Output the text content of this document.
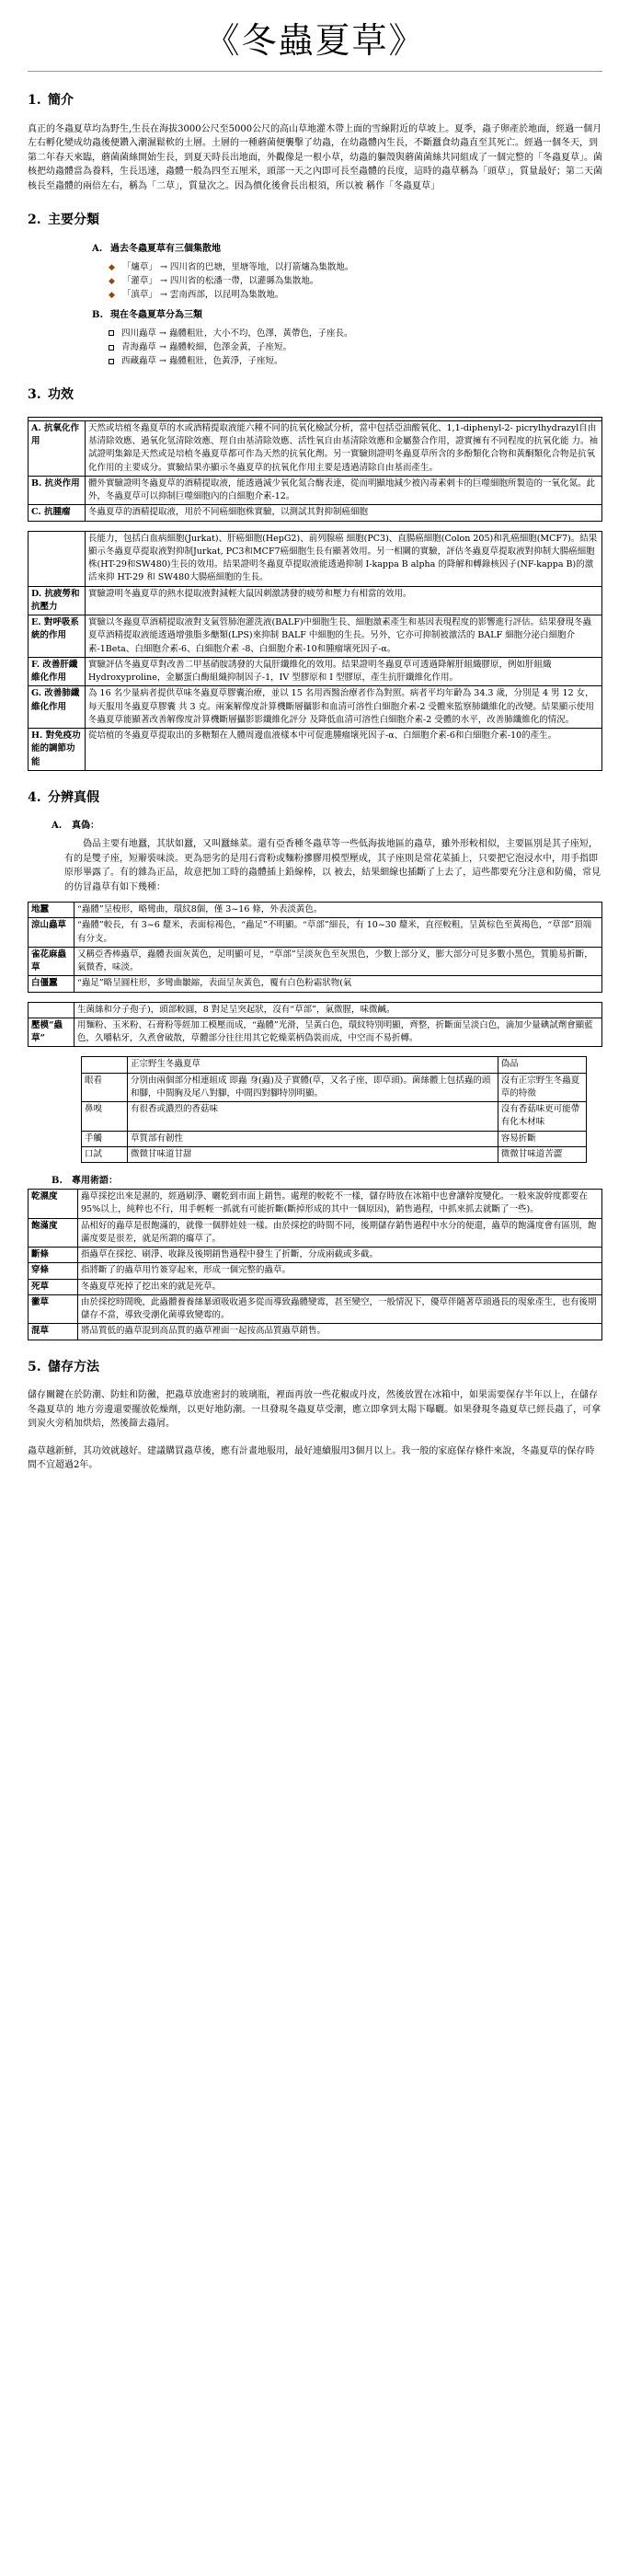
《冬蟲夏草》
1. 簡介

真正的冬蟲夏草均為野生,生長在海拔3000公尺至5000公尺的高山草地灌木帶上面的雪線附近的草坡上。夏季，蟲子卵產於地面，經過一個月左右孵化變成幼蟲後便鑽入潮濕鬆軟的土層。土層的一種蘑菌便襲擊了幼蟲，在幼蟲體內生長，不斷蠶食幼蟲直至其死亡。經過一個冬天，到第二年春天來臨，蘑菌菌絲開始生長，到夏天時長出地面，外觀像是一根小草，幼蟲的軀殼與蘑菌菌絲共同組成了一個完整的「冬蟲夏草」。菌核把幼蟲體當為養料，生長迅速，蟲體一般為四至五厘米，頭部一天之內即可長至蟲體的長度，這時的蟲草稱為「頭草」，質量最好；第二天菌核長至蟲體的兩倍左右，稱為「二草」，質量次之。因為價化後會長出根須，所以被 稱作「冬蟲夏草」

2. 主要分類
A. 過去冬蟲夏草有三個集散地
◆ 「爐草」 → 四川省的巴塘，里塘等地，以打箭爐為集散地。
◆ 「灌草」 → 四川省的松潘一帶，以灌縣為集散地。
◆ 「滇草」 → 雲南西部，以昆明為集散地。
B. 現在冬蟲夏草分為三類
四川蟲草 → 蟲體粗壯，大小不均，色澤，黃帶色，子座長。
青海蟲草 → 蟲體較細，色澤金黃，子座短。
西藏蟲草 → 蟲體粗壯，色黃淨，子座短。
3. 功效

A. 抗氧化作用	天然或培植冬蟲夏草的水或酒精提取液能六種不同的抗氧化檢試分析，當中包括亞油酸氧化、1,1-diphenyl-2- picrylhydrazyl自由基清除效應、過氧化氫清除效應、羥自由基清除效應、活性氧自由基清除效應和金屬螯合作用，證實擁有不同程度的抗氧化能 力。袖試證明集錦是天然或是培植冬蟲夏草都可作為天然的抗氧化劑。另一實驗則證明冬蟲夏草所含的多酚類化合物和黃酮類化合物是抗氧化作用的主要成分。實驗結果亦顯示冬蟲夏草的抗氧化作用主要是透過清除自由基而產生。
B. 抗炎作用	體外實驗證明冬蟲夏草的酒精提取液，能透過減少氧化氮合酶表達，從而明顯地減少被內毒素刺卡的巨噬細胞所製造的一氧化氮。此外，冬蟲夏草可以抑制巨噬細胞內的白細胞介素-12。
C. 抗腫瘤	冬蟲夏草的酒精提取液，用於不同癌細胞株實驗，以測試其對抑制癌細胞
	長能力，包括白血病細胞(Jurkat)、肝癌細胞(HepG2)、前列腺癌 細胞(PC3)、直腸癌細胞(Colon 205)和乳癌細胞(MCF7)。結果顯示冬蟲夏草提取液對抑制Jurkat, PC3和MCF7癌細胞生長有顯著效用。另一相關的實驗，評估冬蟲夏草提取液對抑制大腸癌細胞株(HT-29和SW480)生長的效用。結果證明冬蟲夏草提取液能透過抑制 I-kappa B alpha 的降解和轉錄核因子(NF-kappa B)的激活來抑 HT-29 和 SW480大腸癌細胞的生長。
D. 抗疲勞和抗壓力	實驗證明冬蟲夏草的熱水提取液對減輕大鼠因刺激誘發的疲勞和壓力有相當的效用。
E. 對呼吸系統的作用	實驗以冬蟲夏草酒精提取液對支氣管肺泡灌洗液(BALF)中細胞生長、細胞激素產生和基因表現程度的影響進行評估。結果發現冬蟲夏草酒精提取液能透過增強脂多醣類(LPS)來抑制 BALF 中細胞的生長。另外，它亦可抑制被激活的 BALF 細胞分泌白細胞介素-1Beta、白細胞介素-6、白細胞介素 -8、白細胞介素-10和腫瘤壞死因子-α。
F. 改善肝纖維化作用	實驗評估冬蟲夏草對改善二甲基硝胺誘發的大鼠肝纖維化的效用。結果證明冬蟲夏草可透過降解肝組織膠原，例如肝組織 Hydroxyproline，金屬蛋白酶組織抑制因子-1，IV 型膠原和 I 型膠原，產生抗肝纖維化作用。
G. 改善肺纖維化作用	為 16 名少量病者提供草味冬蟲夏草膠囊治療，並以 15 名用西醫治療者作為對照。病者平均年齡為 34.3 歲，分別是 4 男 12 女，每天服用冬蟲夏草膠囊 共 3 克。兩案解像度計算機斷層攝影和血清可溶性白細胞介素-2 受體來監察肺纖維化的改變。結果顯示使用冬蟲夏草能顯著改善解像度計算機斷層攝影影纖維化評分 及降低血清可溶性白細胞介素-2 受體的水平，改善肺纖維化的情況。
H. 對免疫功能的調節功能	從培植的冬蟲夏草提取出的多糖類在人體周邊血液樣本中可促進腫瘤壞死因子-α、白細胞介素-6和白細胞介素-10的產生。
4. 分辨真假
A. 真偽：

偽品主要有地蠶，其狀如蠶，又叫蠶絲菜。還有亞香種冬蟲草等一些低海拔地區的蟲草，雖外形較相似，主要區別是其子座短，有的是雙子座，短辮裝味淡。更為惡劣的是用石膏粉或麵粉摻膠用模型壓成，其子座則是常花菜插上，只要把它泡浸水中，用手指即原形畢露了。有的雜為正品，故意把加工時的蟲體插上鉛線棒，以 被去，結果細線也插斷了上去了，這些都要充分注意和防備，常見的仿冒蟲草有如下幾種：

地蠶	“蟲體”呈梭形，略彎曲，環紋8個，僅 3~16 條，外表淡黃色。
涼山蟲草	“蟲體”較長，有 3~6 釐米，表面棕褐色，“蟲足”不明顯。“草部”細長，有 10~30 釐米，直徑較粗，呈黃棕色至黃褐色，“草部”頂端有分支。
雀花麻蟲草	又稱亞香棒蟲草，蟲體表面灰黃色，足明顯可見，“草部”呈淡灰色至灰黑色，少數上部分叉，膨大部分可見多數小黑色，質脆易折斷，氣微香，味淡。
白僵蠶	“蟲足”略呈圓柱形，多彎曲皺縮，表面呈灰黃色，覆有白色粉霜狀物(氣
	生菌絲和分子孢子)，頭部較圓，8 對足呈突起狀，沒有“草部”，氣微腥，味微鹹。
壓模“蟲草”	用麵粉、玉米粉、石膏粉等經加工模壓而成，“蟲體”光滑，呈黃白色，環紋特別明顯，齊整，折斷面呈淡白色，滴加少量碘試劑會顯藍色，久嚼粘牙，久煮會破散，草體部分往往用其它乾燥菜柄偽裝而成，中空而不易折轉。
	正宗野生冬蟲夏草	偽品
眼看	分別由兩個部分相連組成 即蟲 身(蟲)及子實體(草，又名子座，即草頭)。菌絲體上包括蟲的頭和腳，中間胸及尾八對腳，中間四對腳特別明顯。	沒有正宗野生冬蟲夏草的特徵
鼻嗅	有很香或濃烈的香菇味	沒有香菇味更可能帶有化木材味
手觸	草質部有韌性	容易折斷
口試	微微甘味道甘甜	微微甘味道苦澀
B. 專用術語：
乾濕度	蟲草採挖出來是濕的，經過刷淨、曬乾到市面上銷售。處理的較乾不一樣，儲存時放在冰箱中也會讓幹度變化。一般來說幹度都要在95%以上，純粹也不行，用手輕輕一抓就有可能折斷(斷掉形成的其中一個原因)，銷售過程，中抓來抓去就斷了一些)。
飽滿度	品相好的蟲草是很飽滿的，就像一個胖娃娃一樣。由於採挖的時間不同，後期儲存銷售過程中水分的便還，蟲草的飽滿度會有區別，飽滿度要是很差，就是所謂的癟草了。
斷條	指蟲草在採挖、刷淨、收錄及後期銷售過程中發生了折斷，分成兩截或多截。
穿條	指將斷了的蟲草用竹簽穿起來，形成一個完整的蟲草。
死草	冬蟲夏草死掉了挖出來的就是死草。
黴草	由於採挖時間晚，此蟲體養養絲暴頭吸收過多從而導致蟲體變霉，甚至變空，一般情況下，優草伴隨著草頭過長的現象產生，也有後期儲存不當，導致受潮化菌導致變霉的。
混草	將品質低的蟲草混到高品質的蟲草裡面一起按高品質蟲草銷售。
5. 儲存方法

儲存關鍵在於防潮、防蛀和防黴，把蟲草放進密封的玻璃瓶，裡面再放一些花椒或丹皮，然後放置在冰箱中，如果需要保存半年以上，在儲存冬蟲夏草的 地方旁邊還要擺放乾燥劑，以更好地防潮。一旦發現冬蟲夏草受潮，應立即拿到太陽下曝曬。如果發現冬蟲夏草已經長蟲了，可拿到炭火旁稍加烘焙，然後篩去蟲屑。

蟲草越新鮮，其功效就越好。建議購買蟲草後，應有計畫地服用，最好連續服用3個月以上。我一般的家庭保存條件來說，冬蟲夏草的保存時間不宜超過2年。
